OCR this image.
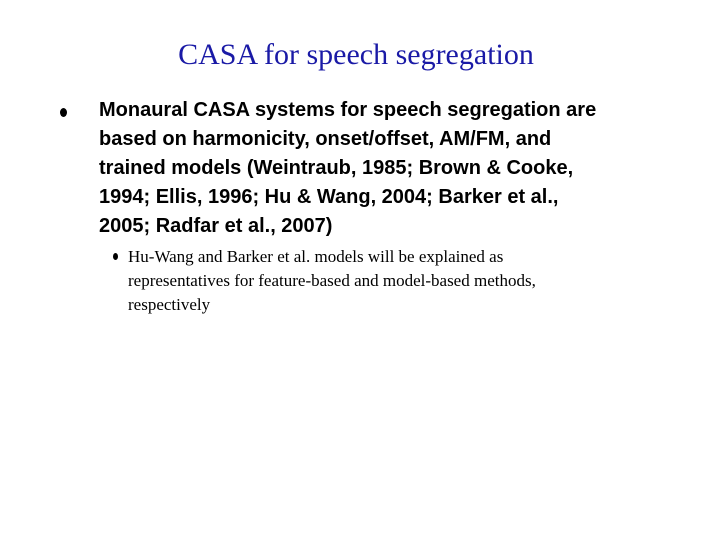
CASA for speech segregation
Monaural CASA systems for speech segregation are
based on harmonicity, onset/offset, AM/FM, and
trained models (Weintraub, 1985; Brown & Cooke,
1994; Ellis, 1996; Hu & Wang, 2004; Barker et al.,
2005; Radfar et al., 2007)
Hu-Wang and Barker et al. models will be explained as
representatives for feature-based and model-based methods,
respectively
